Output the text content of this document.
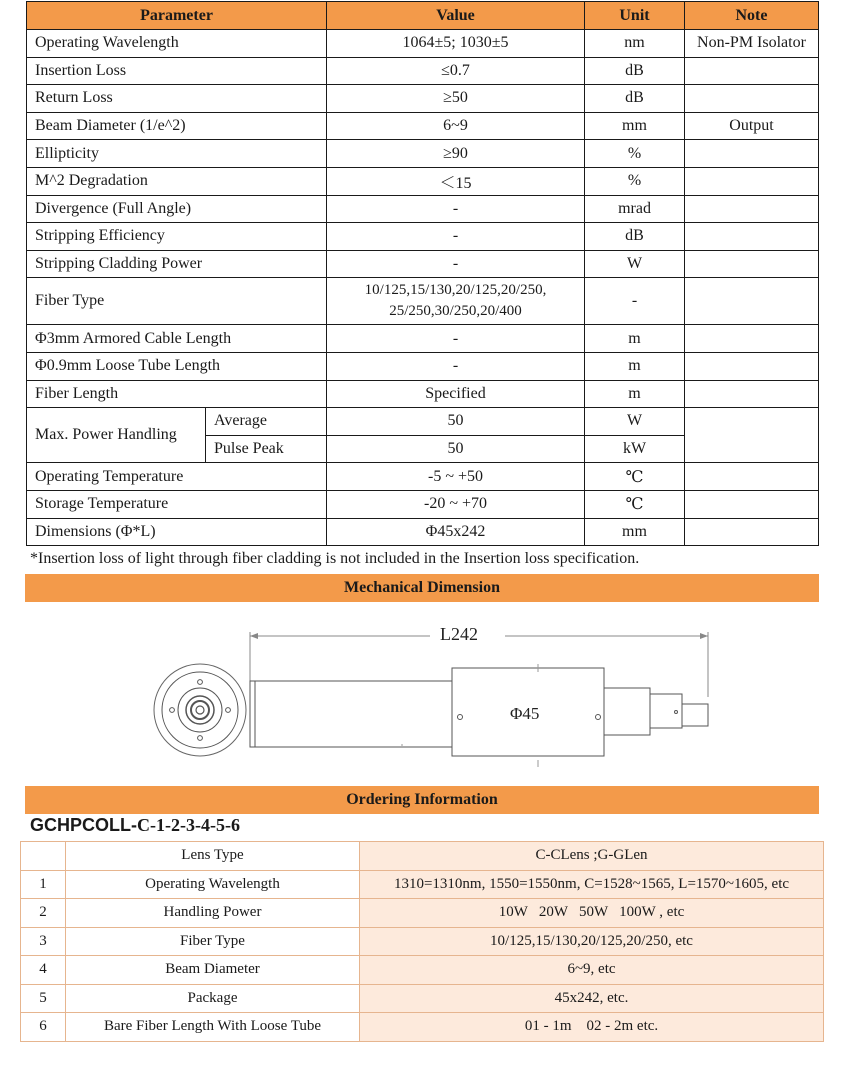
Parameter		Value	Unit	Note
Operating Wavelength		1064±5; 1030±5	nm	Non-PM Isolator
Insertion Loss		≤0.7	dB	
Return Loss		≥50	dB	
Beam Diameter (1/e^2)		6~9	mm	Output
Ellipticity		≥90	%	
M^2 Degradation		＜15	%	
Divergence (Full Angle)		-	mrad	
Stripping Efficiency		-	dB	
Stripping Cladding Power		-	W	
Fiber Type		10/125,15/130,20/125,20/250,
25/250,30/250,20/400	-	
Φ3mm Armored Cable Length		-	m	
Φ0.9mm Loose Tube Length		-	m	
Fiber Length		Specified	m	
Max. Power Handling	Average	50	W	
	Pulse Peak	50	kW	
Operating Temperature		-5 ~ +50	℃	
Storage Temperature		-20 ~ +70	℃	
Dimensions (Φ*L)		Φ45x242	mm	
*Insertion loss of light through fiber cladding is not included in the Insertion loss specification.
Mechanical Dimension
L242
Φ45
Ordering Information
GCHPCOLL-C-1-2-3-4-5-6
	Lens Type	C-CLens ;G-GLen
1	Operating Wavelength	1310=1310nm, 1550=1550nm, C=1528~1565, L=1570~1605, etc
2	Handling Power	10W   20W   50W   100W , etc
3	Fiber Type	10/125,15/130,20/125,20/250, etc
4	Beam Diameter	6~9, etc
5	Package	45x242, etc.
6	Bare Fiber Length With Loose Tube	01 - 1m    02 - 2m etc.
